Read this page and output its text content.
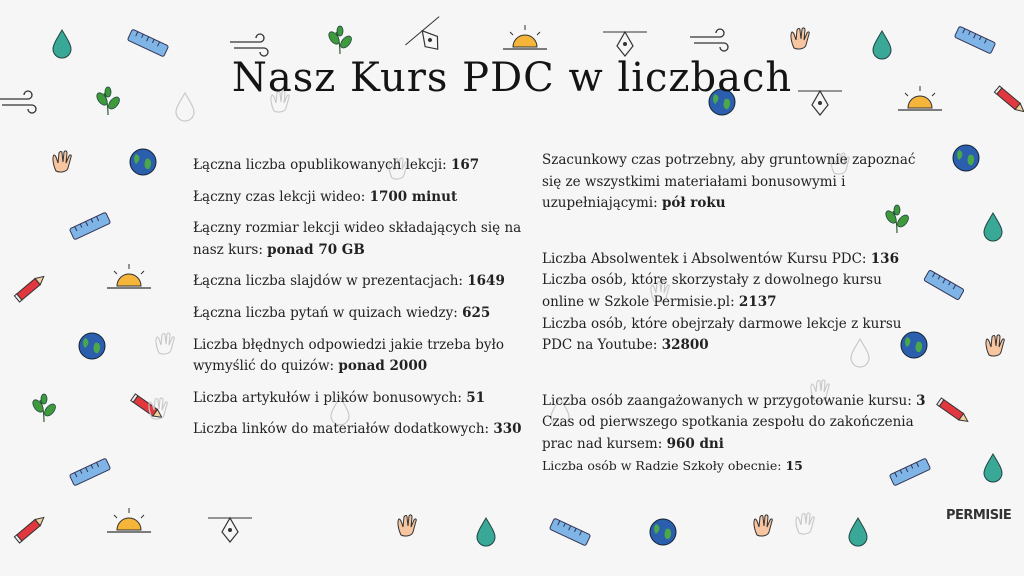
Nasz Kurs PDC w liczbach

Łączna liczba opublikowanych lekcji: 167

Łączny czas lekcji wideo: 1700 minut

Łączny rozmiar lekcji wideo składających się na nasz kurs: ponad 70 GB

Łączna liczba slajdów w prezentacjach: 1649

Łączna liczba pytań w quizach wiedzy: 625

Liczba błędnych odpowiedzi jakie trzeba było wymyślić do quizów: ponad 2000

Liczba artykułów i plików bonusowych: 51

Liczba linków do materiałów dodatkowych: 330

Szacunkowy czas potrzebny, aby gruntownie zapoznać się ze wszystkimi materiałami bonusowymi i uzupełniającymi: pół roku

Liczba Absolwentek i Absolwentów Kursu PDC: 136

Liczba osób, które skorzystały z dowolnego kursu online w Szkole Permisie.pl: 2137

Liczba osób, które obejrzały darmowe lekcje z kursu PDC na Youtube: 32800

Liczba osób zaangażowanych w przygotowanie kursu: 3

Czas od pierwszego spotkania zespołu do zakończenia prac nad kursem: 960 dni

Liczba osób w Radzie Szkoły obecnie: 15

PERMISIE
